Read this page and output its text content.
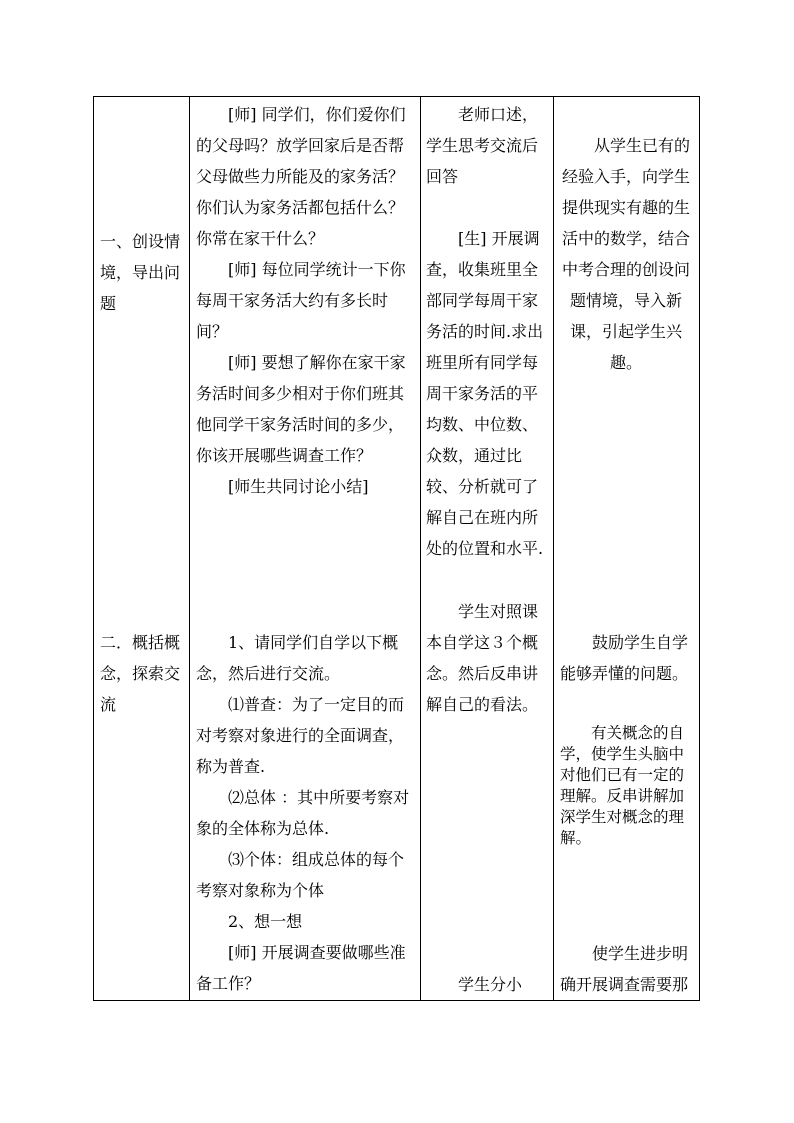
一、创设情境，导出问题

[师] 同学们，你们爱你们的父母吗？放学回家后是否帮父母做些力所能及的家务活？你们认为家务活都包括什么？你常在家干什么？

[师] 每位同学统计一下你每周干家务活大约有多长时间？

[师] 要想了解你在家干家务活时间多少相对于你们班其他同学干家务活时间的多少，你该开展哪些调查工作？

[师生共同讨论小结]

老师口述，学生思考交流后回答

[生] 开展调查，收集班里全部同学每周干家务活的时间.求出班里所有同学每周干家务活的平均数、中位数、众数，通过比较、分析就可了解自己在班内所处的位置和水平.

从学生已有的经验入手，向学生提供现实有趣的生活中的数学，结合中考合理的创设问题情境，导入新课，引起学生兴趣。

二．概括概念，探索交流

1、请同学们自学以下概念，然后进行交流。

⑴普查：为了一定目的而对考察对象进行的全面调查，称为普查.

⑵总体 ：其中所要考察对象的全体称为总体.

⑶个体：组成总体的每个考察对象称为个体

2、想一想

[师] 开展调查要做哪些准备工作？

学生对照课本自学这３个概念。然后反串讲解自己的看法。

学生分小

鼓励学生自学能够弄懂的问题。

有关概念的自学，使学生头脑中对他们已有一定的理解。反串讲解加深学生对概念的理解。

使学生进步明确开展调查需要那
